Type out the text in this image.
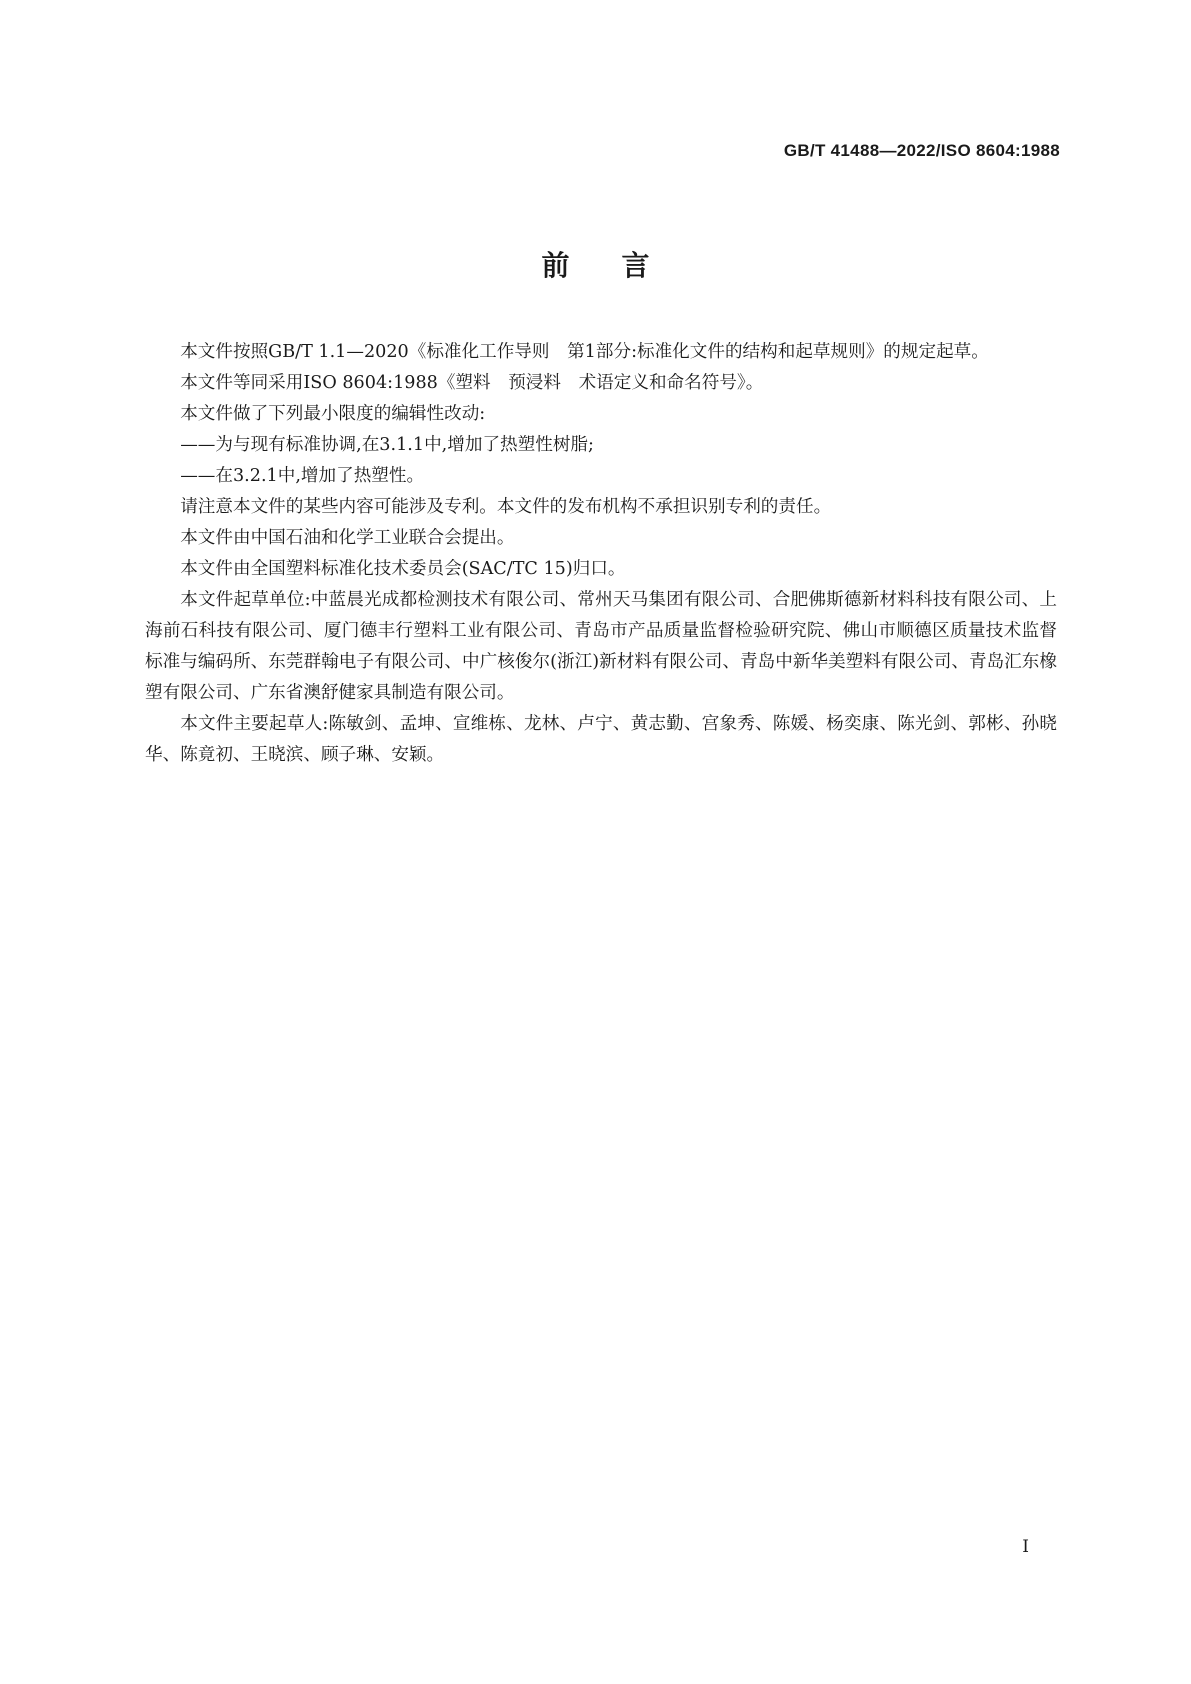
GB/T 41488—2022/ISO 8604:1988
前言

本文件按照GB/T 1.1—2020《标准化工作导则　第1部分:标准化文件的结构和起草规则》的规定起草。

本文件等同采用ISO 8604:1988《塑料　预浸料　术语定义和命名符号》。

本文件做了下列最小限度的编辑性改动:

——为与现有标准协调,在3.1.1中,增加了热塑性树脂;

——在3.2.1中,增加了热塑性。

请注意本文件的某些内容可能涉及专利。本文件的发布机构不承担识别专利的责任。

本文件由中国石油和化学工业联合会提出。

本文件由全国塑料标准化技术委员会(SAC/TC 15)归口。

本文件起草单位:中蓝晨光成都检测技术有限公司、常州天马集团有限公司、合肥佛斯德新材料科技有限公司、上海前石科技有限公司、厦门德丰行塑料工业有限公司、青岛市产品质量监督检验研究院、佛山市顺德区质量技术监督标准与编码所、东莞群翰电子有限公司、中广核俊尔(浙江)新材料有限公司、青岛中新华美塑料有限公司、青岛汇东橡塑有限公司、广东省澳舒健家具制造有限公司。

本文件主要起草人:陈敏剑、孟坤、宣维栋、龙林、卢宁、黄志勤、宫象秀、陈媛、杨奕康、陈光剑、郭彬、孙晓华、陈竟初、王晓滨、顾子琳、安颖。

I
